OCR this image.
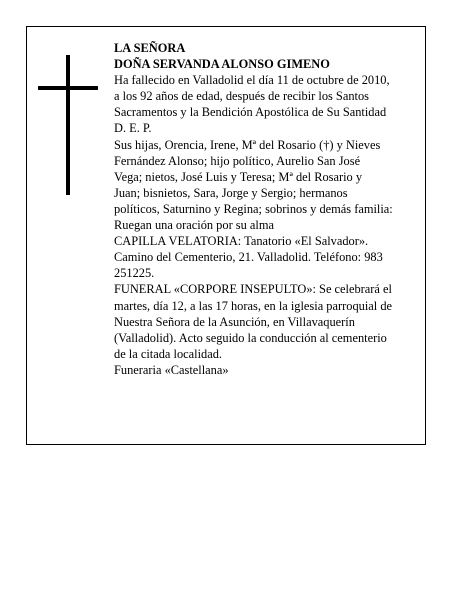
LA SEÑORA
DOÑA SERVANDA ALONSO GIMENO
Ha fallecido en Valladolid el día 11 de octubre de 2010,
a los 92 años de edad, después de recibir los Santos
Sacramentos y la Bendición Apostólica de Su Santidad
D. E. P.
Sus hijas, Orencia, Irene, Mª del Rosario (†) y Nieves
Fernández Alonso; hijo político, Aurelio San José
Vega; nietos, José Luis y Teresa; Mª del Rosario y
Juan; bisnietos, Sara, Jorge y Sergio; hermanos
políticos, Saturnino y Regina; sobrinos y demás familia:
Ruegan una oración por su alma
CAPILLA VELATORIA: Tanatorio «El Salvador».
Camino del Cementerio, 21. Valladolid. Teléfono: 983
251225.
FUNERAL «CORPORE INSEPULTO»: Se celebrará el
martes, día 12, a las 17 horas, en la iglesia parroquial de
Nuestra Señora de la Asunción, en Villavaquerín
(Valladolid). Acto seguido la conducción al cementerio
de la citada localidad.
Funeraria «Castellana»
